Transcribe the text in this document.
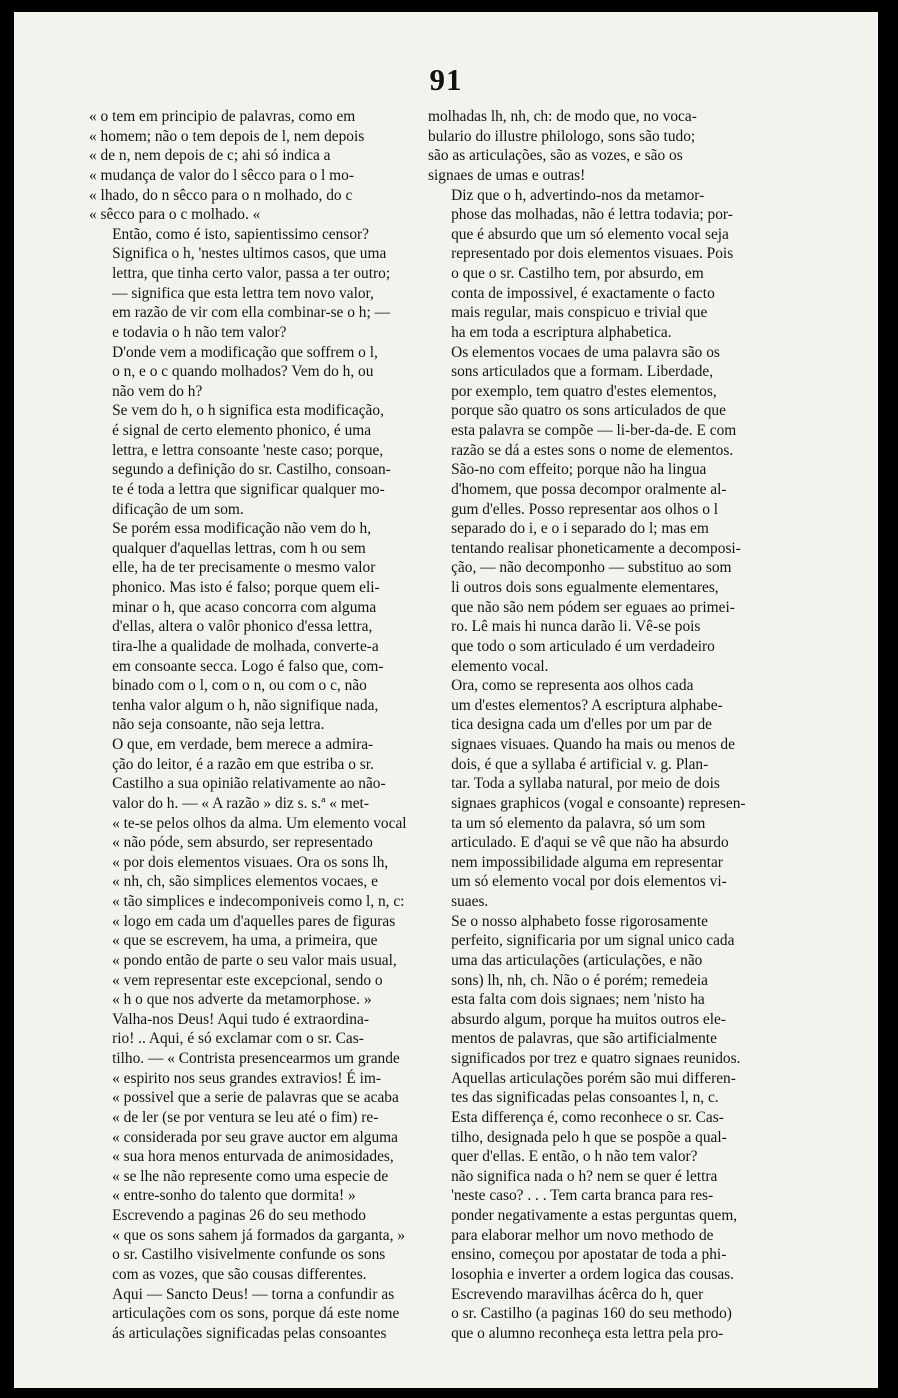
91

« o tem em principio de palavras, como em
« homem; não o tem depois de l, nem depois
« de n, nem depois de c; ahi só indica a
« mudança de valor do l sêcco para o l mo-
« lhado, do n sêcco para o n molhado, do c
« sêcco para o c molhado. «

Então, como é isto, sapientissimo censor?
Significa o h, 'nestes ultimos casos, que uma
lettra, que tinha certo valor, passa a ter outro;
— significa que esta lettra tem novo valor,
em razão de vir com ella combinar-se o h; —
e todavia o h não tem valor?

D'onde vem a modificação que soffrem o l,
o n, e o c quando molhados? Vem do h, ou
não vem do h?

Se vem do h, o h significa esta modificação,
é signal de certo elemento phonico, é uma
lettra, e lettra consoante 'neste caso; porque,
segundo a definição do sr. Castilho, consoan-
te é toda a lettra que significar qualquer mo-
dificação de um som.

Se porém essa modificação não vem do h,
qualquer d'aquellas lettras, com h ou sem
elle, ha de ter precisamente o mesmo valor
phonico. Mas isto é falso; porque quem eli-
minar o h, que acaso concorra com alguma
d'ellas, altera o valôr phonico d'essa lettra,
tira-lhe a qualidade de molhada, converte-a
em consoante secca. Logo é falso que, com-
binado com o l, com o n, ou com o c, não
tenha valor algum o h, não signifique nada,
não seja consoante, não seja lettra.

O que, em verdade, bem merece a admira-
ção do leitor, é a razão em que estriba o sr.
Castilho a sua opinião relativamente ao não-
valor do h. — « A razão » diz s. s.ª « met-
« te-se pelos olhos da alma. Um elemento vocal
« não póde, sem absurdo, ser representado
« por dois elementos visuaes. Ora os sons lh,
« nh, ch, são simplices elementos vocaes, e
« tão simplices e indecomponiveis como l, n, c:
« logo em cada um d'aquelles pares de figuras
« que se escrevem, ha uma, a primeira, que
« pondo então de parte o seu valor mais usual,
« vem representar este excepcional, sendo o
« h o que nos adverte da metamorphose. »

Valha-nos Deus! Aqui tudo é extraordina-
rio! .. Aqui, é só exclamar com o sr. Cas-
tilho. — « Contrista presencearmos um grande
« espirito nos seus grandes extravios! É im-
« possivel que a serie de palavras que se acaba
« de ler (se por ventura se leu até o fim) re-
« considerada por seu grave auctor em alguma
« sua hora menos enturvada de animosidades,
« se lhe não represente como uma especie de
« entre-sonho do talento que dormita! »

Escrevendo a paginas 26 do seu methodo
« que os sons sahem já formados da garganta, »
o sr. Castilho visivelmente confunde os sons
com as vozes, que são cousas differentes.
Aqui — Sancto Deus! — torna a confundir as
articulações com os sons, porque dá este nome
ás articulações significadas pelas consoantes

molhadas lh, nh, ch: de modo que, no voca-
bulario do illustre philologo, sons são tudo;
são as articulações, são as vozes, e são os
signaes de umas e outras!

Diz que o h, advertindo-nos da metamor-
phose das molhadas, não é lettra todavia; por-
que é absurdo que um só elemento vocal seja
representado por dois elementos visuaes. Pois
o que o sr. Castilho tem, por absurdo, em
conta de impossivel, é exactamente o facto
mais regular, mais conspicuo e trivial que
ha em toda a escriptura alphabetica.

Os elementos vocaes de uma palavra são os
sons articulados que a formam. Liberdade,
por exemplo, tem quatro d'estes elementos,
porque são quatro os sons articulados de que
esta palavra se compõe — li-ber-da-de. E com
razão se dá a estes sons o nome de elementos.
São-no com effeito; porque não ha lingua
d'homem, que possa decompor oralmente al-
gum d'elles. Posso representar aos olhos o l
separado do i, e o i separado do l; mas em
tentando realisar phoneticamente a decomposi-
ção, — não decomponho — substituo ao som
li outros dois sons egualmente elementares,
que não são nem pódem ser eguaes ao primei-
ro. Lê mais hi nunca darão li. Vê-se pois
que todo o som articulado é um verdadeiro
elemento vocal.

Ora, como se representa aos olhos cada
um d'estes elementos? A escriptura alphabe-
tica designa cada um d'elles por um par de
signaes visuaes. Quando ha mais ou menos de
dois, é que a syllaba é artificial v. g. Plan-
tar. Toda a syllaba natural, por meio de dois
signaes graphicos (vogal e consoante) represen-
ta um só elemento da palavra, só um som
articulado. E d'aqui se vê que não ha absurdo
nem impossibilidade alguma em representar
um só elemento vocal por dois elementos vi-
suaes.

Se o nosso alphabeto fosse rigorosamente
perfeito, significaria por um signal unico cada
uma das articulações (articulações, e não
sons) lh, nh, ch. Não o é porém; remedeia
esta falta com dois signaes; nem 'nisto ha
absurdo algum, porque ha muitos outros ele-
mentos de palavras, que são artificialmente
significados por trez e quatro signaes reunidos.
Aquellas articulações porém são mui differen-
tes das significadas pelas consoantes l, n, c.
Esta differença é, como reconhece o sr. Cas-
tilho, designada pelo h que se pospõe a qual-
quer d'ellas. E então, o h não tem valor?
não significa nada o h? nem se quer é lettra
'neste caso? . . . Tem carta branca para res-
ponder negativamente a estas perguntas quem,
para elaborar melhor um novo methodo de
ensino, começou por apostatar de toda a phi-
losophia e inverter a ordem logica das cousas.

Escrevendo maravilhas ácêrca do h, quer
o sr. Castilho (a paginas 160 do seu methodo)
que o alumno reconheça esta lettra pela pro-
